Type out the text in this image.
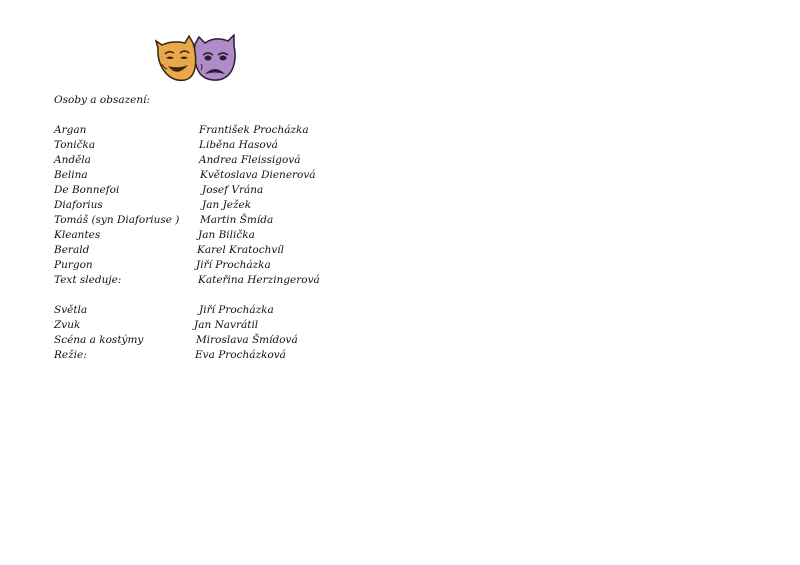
Osoby a obsazení:
Argan	František Procházka
Tonička	Liběna Hasová
Anděla	Andrea Fleissigová
Belina	Květoslava Dienerová
De Bonnefoi	Josef Vrána
Diaforius	Jan Ježek
Tomáš (syn Diaforiuse ) Martin Šmída
Kleantes	Jan Bilička
Berald	Karel Kratochvíl
Purgon	Jiří Procházka
Text sleduje:	Kateřina Herzingerová
Světla	Jiří Procházka
Zvuk	Jan Navrátil
Scéna a kostýmy	Miroslava Šmídová
Režie:	Eva Procházková
